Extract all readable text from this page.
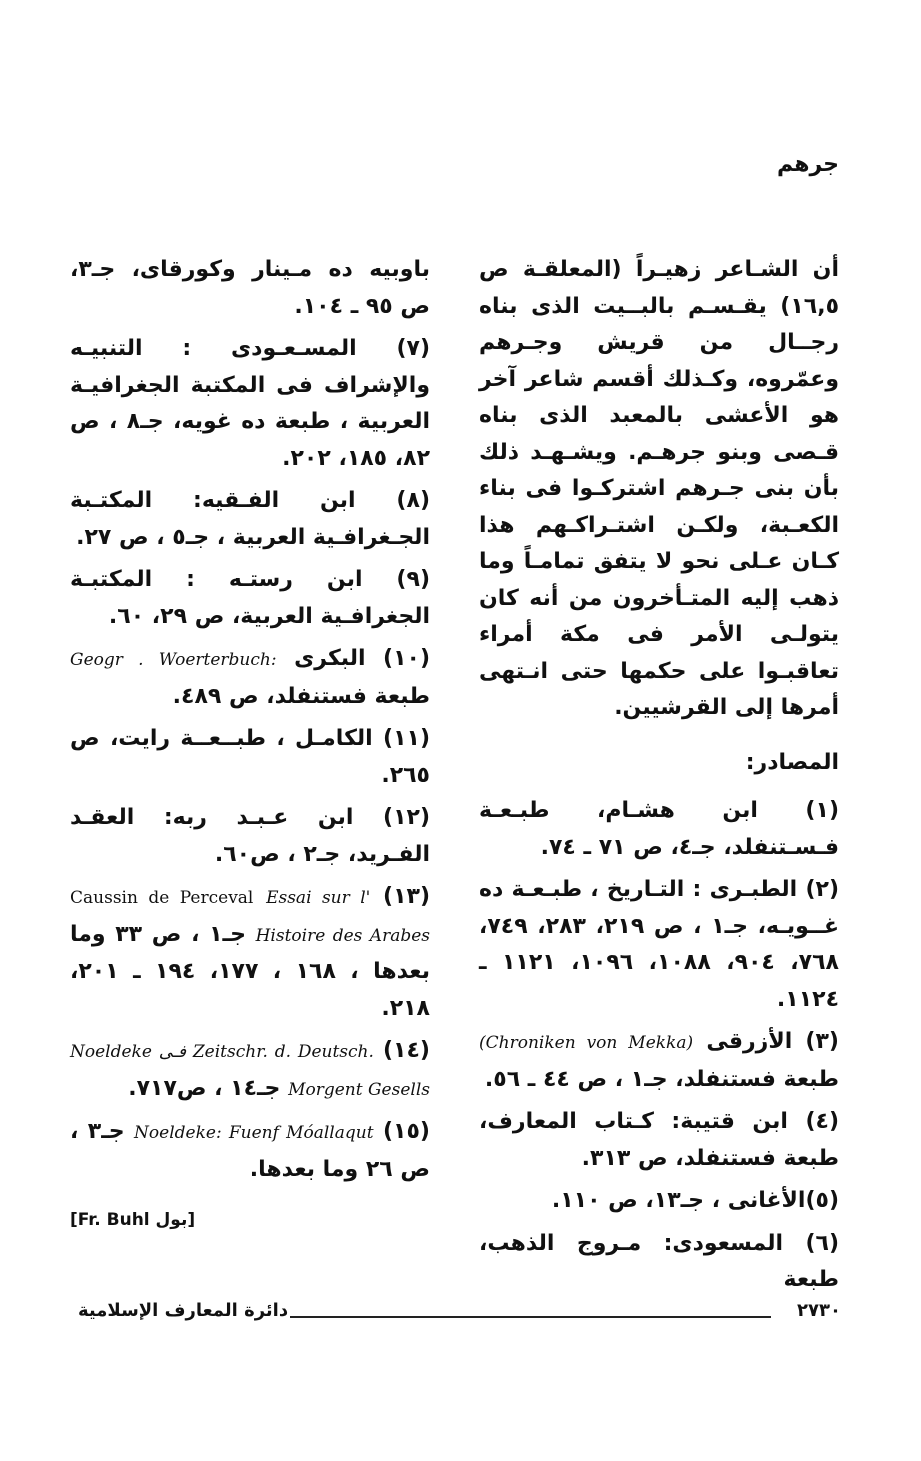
جرهم

أن الشـاعر زهيـراً (المعلقـة ص ١٦,٥) يقـسـم بالبــيت الذى بناه رجــال من قريش وجـرهم وعمّروه، وكـذلك أقسم شاعر آخر هو الأعشى بالمعبد الذى بناه قـصى وبنو جرهـم. ويشـهـد ذلك بأن بنى جـرهم اشتركـوا فى بناء الكعـبة، ولكـن اشتـراكـهم هذا كـان عـلى نحو لا يتفق تمامـاً وما ذهب إليه المتـأخرون من أنه كان يتولـى الأمر فى مكة أمراء تعاقبـوا على حكمها حتى انـتهى أمرها إلى القرشيين.

المصادر:

(١) ابن هشـام، طبـعـة فـسـتنفلد، جـ٤، ص ٧١ ـ ٧٤.

(٢) الطبـرى : التـاريخ ، طبـعـة ده غــويـه، جـ١ ، ص ٢١٩، ٢٨٣، ٧٤٩، ٧٦٨، ٩٠٤، ١٠٨٨، ١٠٩٦، ١١٢١ ـ ١١٢٤.

(٣) الأزرقى (Chroniken von Mekka) طبعة فستنفلد، جـ١ ، ص ٤٤ ـ ٥٦.

(٤) ابن قتيبة: كـتاب المعارف، طبعة فستنفلد، ص ٣١٣.

(٥)الأغانى ، جـ١٣، ص ١١٠.

(٦) المسعودى: مـروج الذهب، طبعة

باوبيه ده مـينار وكورقاى، جـ٣، ص ٩٥ ـ ١٠٤.

(٧) المسـعـودى : التنبيـه والإشراف فى المكتبة الجغرافيـة العربية ، طبعة ده غويه، جـ٨ ، ص ٨٢، ١٨٥، ٢٠٢.

(٨) ابن الفـقيه: المكتـبة الجـغرافـية العربية ، جـ٥ ، ص ٢٧.

(٩) ابن رستـه : المكتبـة الجغرافـية العربية، ص ٢٩، ٦٠.

(١٠) البكرى Geogr . Woerterbuch: طبعة فستنفلد، ص ٤٨٩.

(١١) الكامـل ، طبــعــة رايت، ص ٢٦٥.

(١٢) ابن عـبـد ربه: العقـد الفـريد، جـ٢ ، ص٦٠.

(١٣) Caussin de Perceval Essai sur l' Histoire des Arabes جـ١ ، ص ٣٣ وما بعدها ، ١٦٨ ، ١٧٧، ١٩٤ ـ ٢٠١، ٢١٨.

(١٤) Noeldeke فـى Zeitschr. d. Deutsch. Morgent Gesells جـ١٤ ، ص٧١٧.

(١٥) Noeldeke: Fuenf Móallaqut جـ٣ ، ص ٢٦ وما بعدها.

[Fr. Buhl بول]
دائرة المعارف الإسلامية	٢٧٣٠
